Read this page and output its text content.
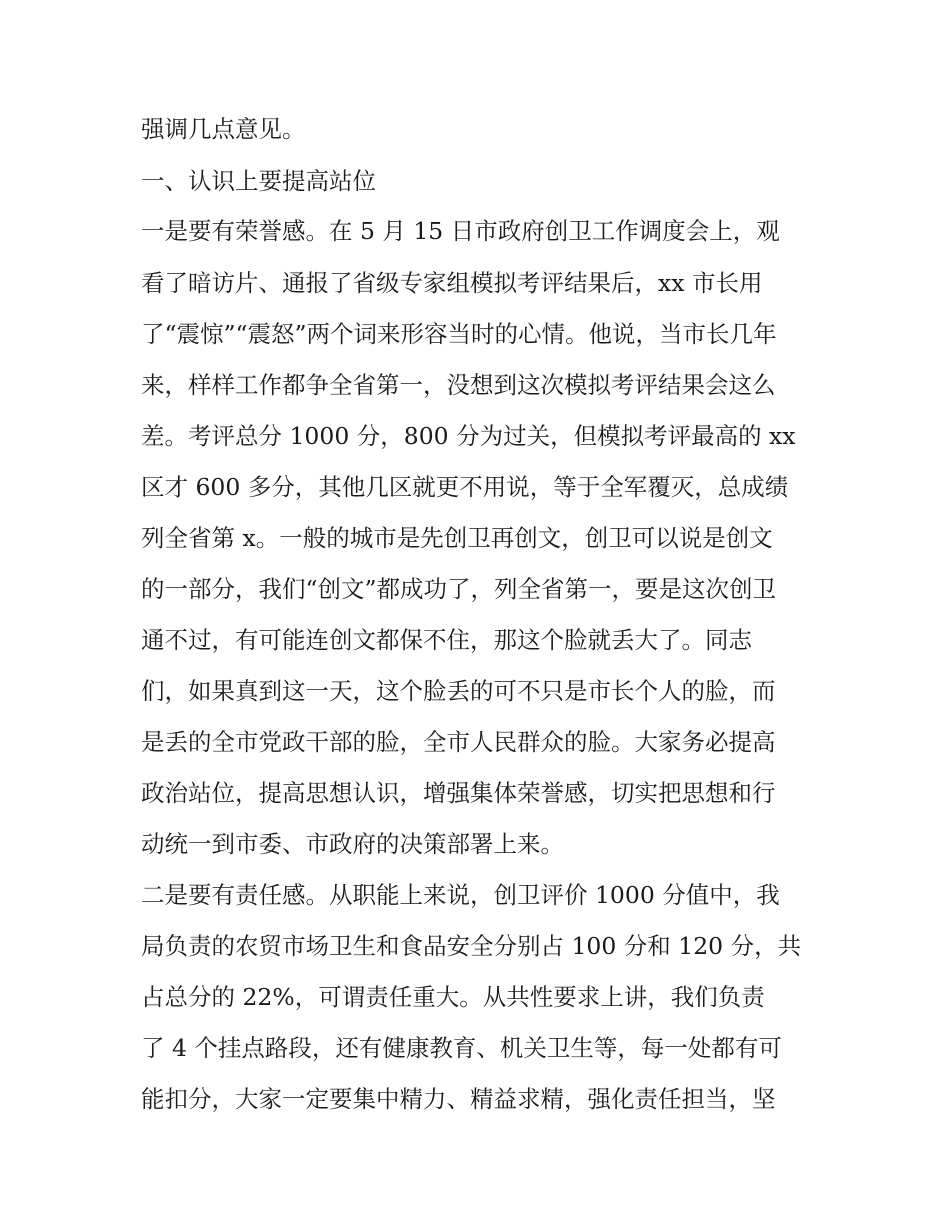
强调几点意见。
一、认识上要提高站位
一是要有荣誉感。在 5 月 15 日市政府创卫工作调度会上，观
看了暗访片、通报了省级专家组模拟考评结果后，xx 市长用
了“震惊”“震怒”两个词来形容当时的心情。他说，当市长几年
来，样样工作都争全省第一，没想到这次模拟考评结果会这么
差。考评总分 1000 分，800 分为过关，但模拟考评最高的 xx
区才 600 多分，其他几区就更不用说，等于全军覆灭，总成绩
列全省第 x。一般的城市是先创卫再创文，创卫可以说是创文
的一部分，我们“创文”都成功了，列全省第一，要是这次创卫
通不过，有可能连创文都保不住，那这个脸就丢大了。同志
们，如果真到这一天，这个脸丢的可不只是市长个人的脸，而
是丢的全市党政干部的脸，全市人民群众的脸。大家务必提高
政治站位，提高思想认识，增强集体荣誉感，切实把思想和行
动统一到市委、市政府的决策部署上来。
二是要有责任感。从职能上来说，创卫评价 1000 分值中，我
局负责的农贸市场卫生和食品安全分别占 100 分和 120 分，共
占总分的 22%，可谓责任重大。从共性要求上讲，我们负责
了 4 个挂点路段，还有健康教育、机关卫生等，每一处都有可
能扣分，大家一定要集中精力、精益求精，强化责任担当，坚
